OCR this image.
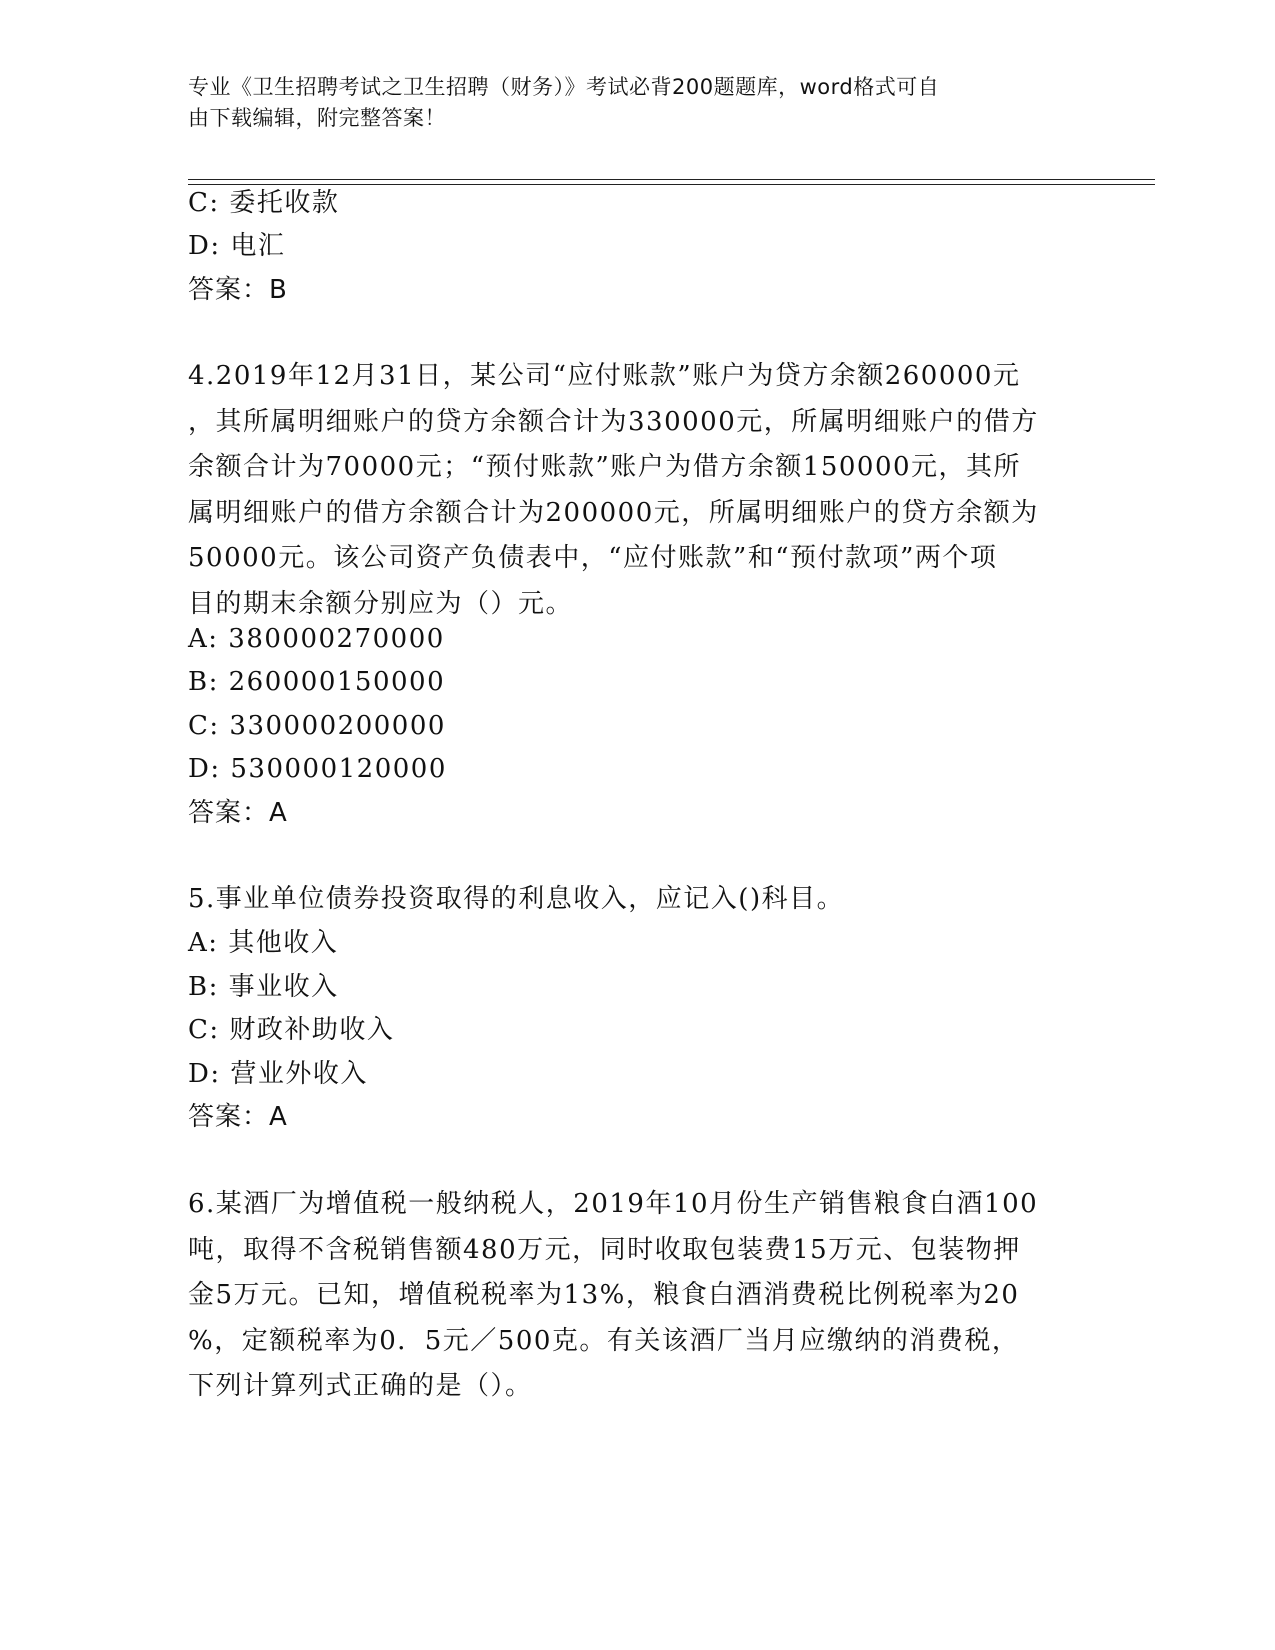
专业《卫生招聘考试之卫生招聘（财务）》考试必背200题题库，word格式可自
由下载编辑，附完整答案！
C: 委托收款
D: 电汇
答案：B
4.2019年12月31日，某公司“应付账款”账户为贷方余额260000元
，其所属明细账户的贷方余额合计为330000元，所属明细账户的借方
余额合计为70000元；“预付账款”账户为借方余额150000元，其所
属明细账户的借方余额合计为200000元，所属明细账户的贷方余额为
50000元。该公司资产负债表中，“应付账款”和“预付款项”两个项
目的期末余额分别应为（）元。
A: 380000270000
B: 260000150000
C: 330000200000
D: 530000120000
答案：A
5.事业单位债券投资取得的利息收入，应记入()科目。
A: 其他收入
B: 事业收入
C: 财政补助收入
D: 营业外收入
答案：A
6.某酒厂为增值税一般纳税人，2019年10月份生产销售粮食白酒100
吨，取得不含税销售额480万元，同时收取包装费15万元、包装物押
金5万元。已知，增值税税率为13%，粮食白酒消费税比例税率为20
%，定额税率为0．5元／500克。有关该酒厂当月应缴纳的消费税，
下列计算列式正确的是（）。
